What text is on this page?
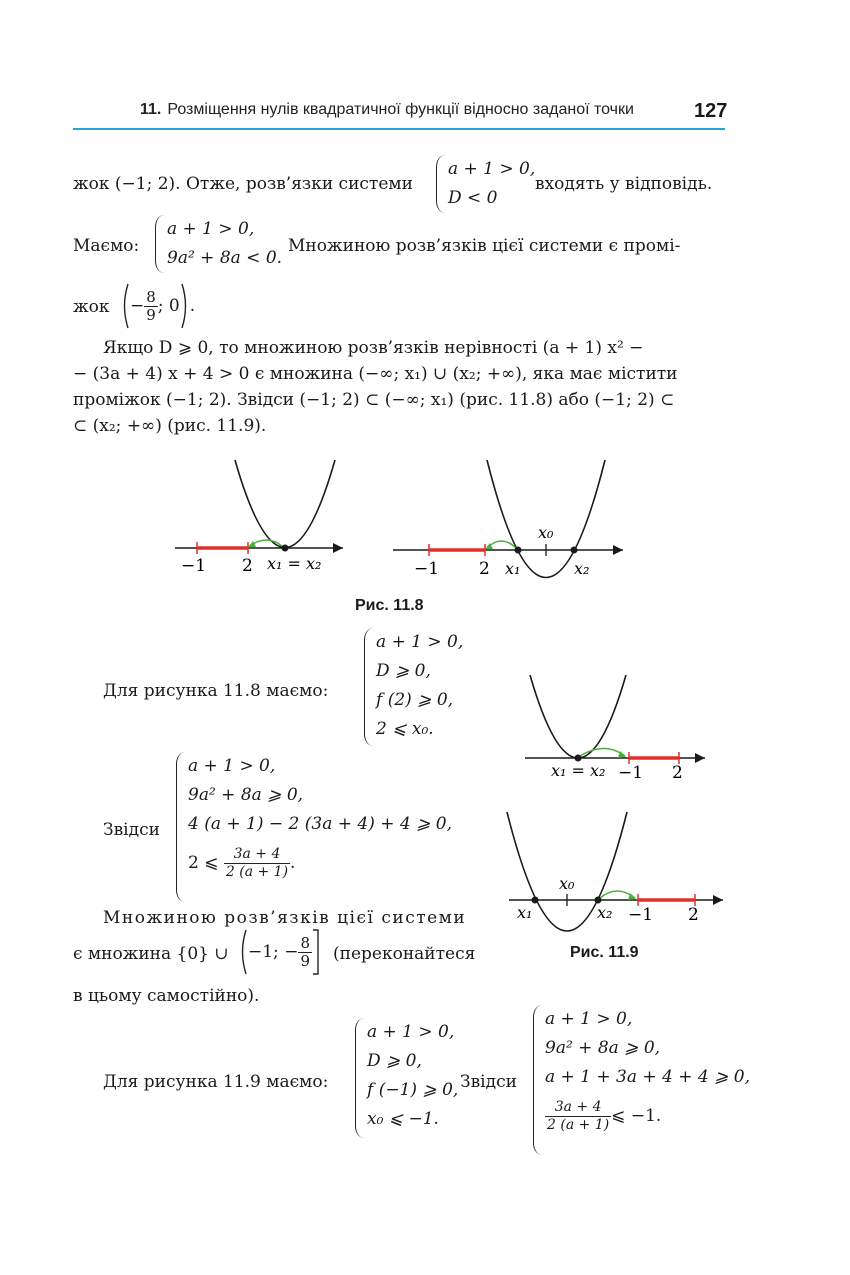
11. Розміщення нулів квадратичної функції відносно заданої точки	127
жок (−1; 2). Отже, розв’язки системи
a + 1 > 0,
D < 0
входять у відповідь.
Маємо:
a + 1 > 0,
9a² + 8a < 0.
Множиною розв’язків цієї системи є промі-
жок − $\frac{8}{9}$ ; 0 .
Якщо D ⩾ 0, то множиною розв’язків нерівності (a + 1) x² −
− (3a + 4) x + 4 > 0 є множина (−∞; x₁) ∪ (x₂; +∞), яка має містити
проміжок (−1; 2). Звідси (−1; 2) ⊂ (−∞; x₁) (рис. 11.8) або (−1; 2) ⊂
⊂ (x₂; +∞) (рис. 11.9).
−1 2 x₁ = x₂	−1 2 x₁	x₂
x₀
Рис. 11.8
Для рисунка 11.8 маємо:
a + 1 > 0,
D ⩾ 0,
f (2) ⩾ 0,
2 ⩽ x₀.
Звідси
a + 1 > 0,
9a² + 8a ⩾ 0,
4 (a + 1) − 2 (3a + 4) + 4 ⩾ 0,
2 ⩽ $\frac{3a + 4}{2 (a + 1)}$ .
x₁ = x₂ −1 2
x₀
x₁	x₂ −1 2
Рис. 11.9
Множиною розв’язків цієї системи
є множина {0} ∪ −1; − $\frac{8}{9}$ (переконайтеся
в цьому самостійно).
Для рисунка 11.9 маємо:
a + 1 > 0,
D ⩾ 0,
f (−1) ⩾ 0,
x₀ ⩽ −1.
Звідси
a + 1 > 0,
9a² + 8a ⩾ 0,
a + 1 + 3a + 4 + 4 ⩾ 0,
$\frac{3a + 4}{2 (a + 1)}$ ⩽ −1.
